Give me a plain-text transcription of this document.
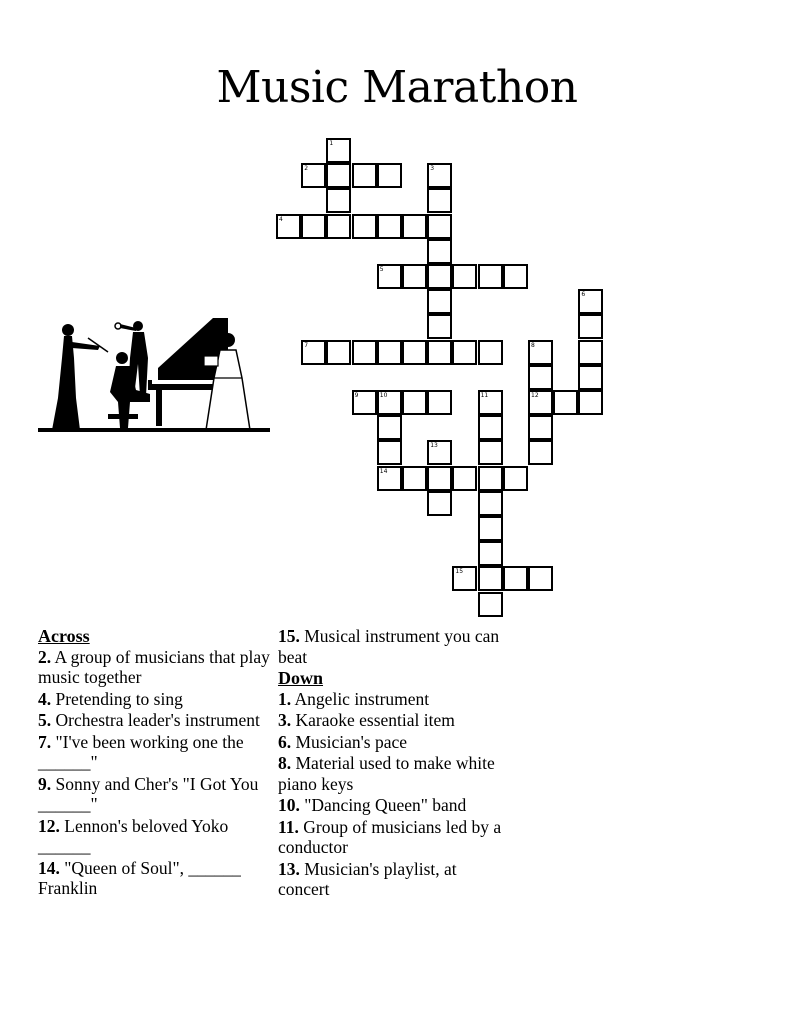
Music Marathon
1
2	3
4
5
6
7	8
12
9	10
14
11
13
15
Across
2. A group of musicians that play music together
4. Pretending to sing
5. Orchestra leader's instrument
7. "I've been working one the ______"
9. Sonny and Cher's "I Got You ______"
12. Lennon's beloved Yoko ______
14. "Queen of Soul", ______ Franklin
15. Musical instrument you can beat
Down
1. Angelic instrument
3. Karaoke essential item
6. Musician's pace
8. Material used to make white piano keys
10. "Dancing Queen" band
11. Group of musicians led by a conductor
13. Musician's playlist, at concert
